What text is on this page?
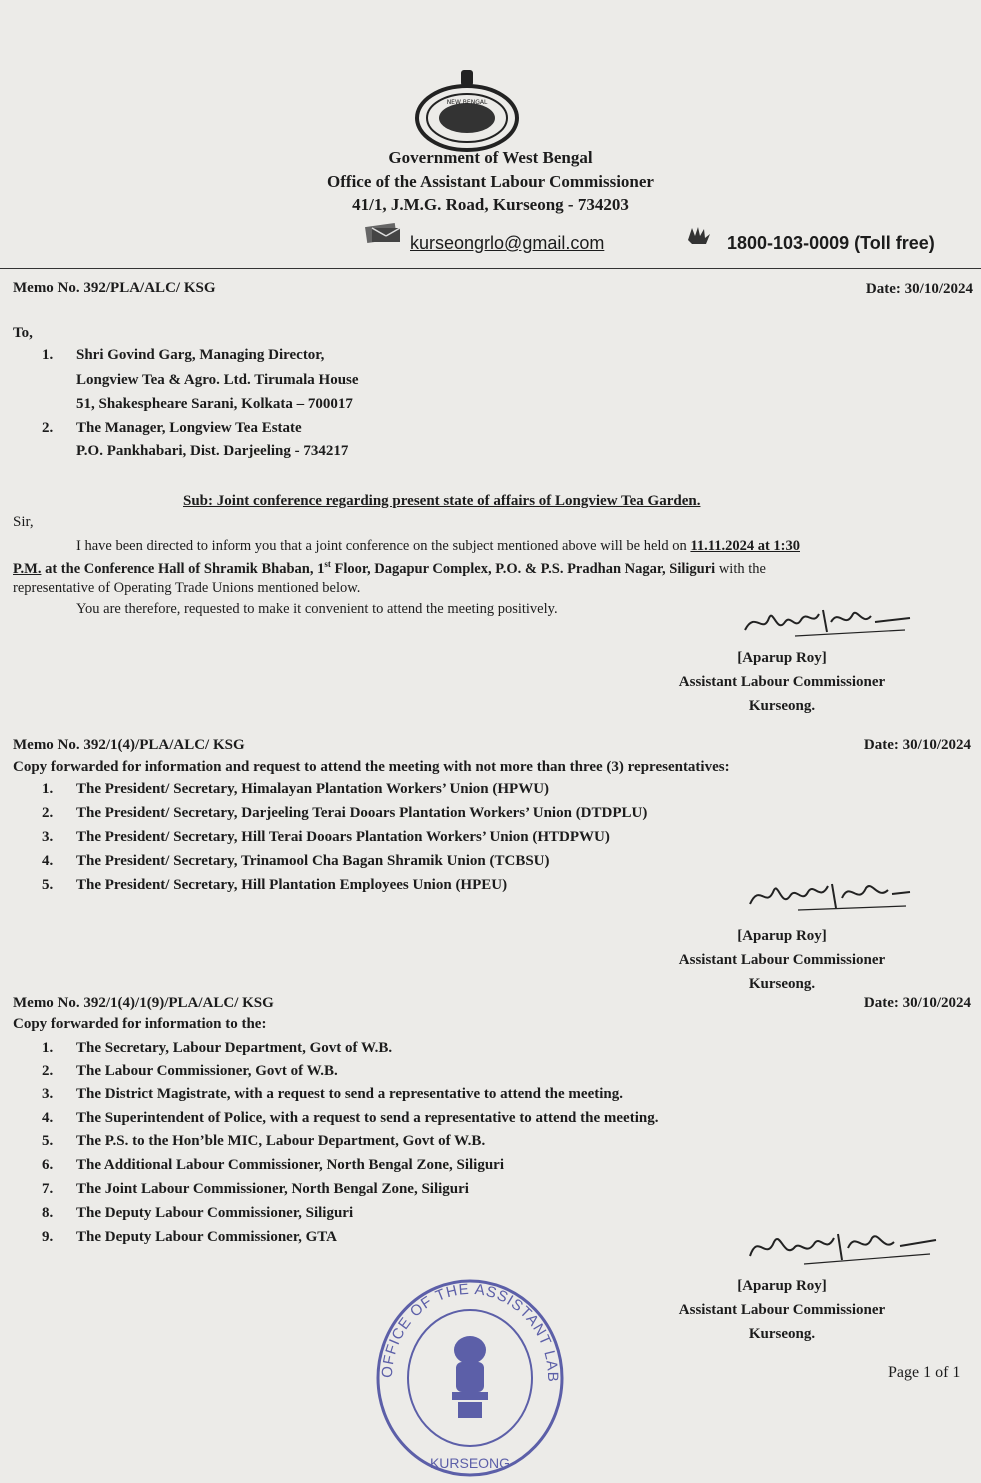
NEW BENGAL
Government of West Bengal
Office of the Assistant Labour Commissioner
41/1, J.M.G. Road, Kurseong - 734203
kurseongrlo@gmail.com	1800-103-0009 (Toll free)
Memo No. 392/PLA/ALC/ KSG	Date: 30/10/2024
To,
1. Shri Govind Garg, Managing Director,
Longview Tea & Agro. Ltd. Tirumala House
51, Shakespheare Sarani, Kolkata – 700017
2. The Manager, Longview Tea Estate
P.O. Pankhabari, Dist. Darjeeling - 734217
Sub: Joint conference regarding present state of affairs of Longview Tea Garden.
Sir,
I have been directed to inform you that a joint conference on the subject mentioned above will be held on 11.11.2024 at 1:30
P.M. at the Conference Hall of Shramik Bhaban, 1st Floor, Dagapur Complex, P.O. & P.S. Pradhan Nagar, Siliguri with the
representative of Operating Trade Unions mentioned below.
You are therefore, requested to make it convenient to attend the meeting positively.
[Aparup Roy]
Assistant Labour Commissioner
Kurseong.
Memo No. 392/1(4)/PLA/ALC/ KSG	Date: 30/10/2024
Copy forwarded for information and request to attend the meeting with not more than three (3) representatives:
1. The President/ Secretary, Himalayan Plantation Workers’ Union (HPWU)
2. The President/ Secretary, Darjeeling Terai Dooars Plantation Workers’ Union (DTDPLU)
3. The President/ Secretary, Hill Terai Dooars Plantation Workers’ Union (HTDPWU)
4. The President/ Secretary, Trinamool Cha Bagan Shramik Union (TCBSU)
5. The President/ Secretary, Hill Plantation Employees Union (HPEU)
[Aparup Roy]
Assistant Labour Commissioner
Kurseong.
Memo No. 392/1(4)/1(9)/PLA/ALC/ KSG	Date: 30/10/2024
Copy forwarded for information to the:
1. The Secretary, Labour Department, Govt of W.B.
2. The Labour Commissioner, Govt of W.B.
3. The District Magistrate, with a request to send a representative to attend the meeting.
4. The Superintendent of Police, with a request to send a representative to attend the meeting.
5. The P.S. to the Hon’ble MIC, Labour Department, Govt of W.B.
6. The Additional Labour Commissioner, North Bengal Zone, Siliguri
7. The Joint Labour Commissioner, North Bengal Zone, Siliguri
8. The Deputy Labour Commissioner, Siliguri
9. The Deputy Labour Commissioner, GTA
[Aparup Roy]
Assistant Labour Commissioner
Kurseong.
OFFICE OF THE ASSISTANT LAB
KURSEONG
Page 1 of 1
